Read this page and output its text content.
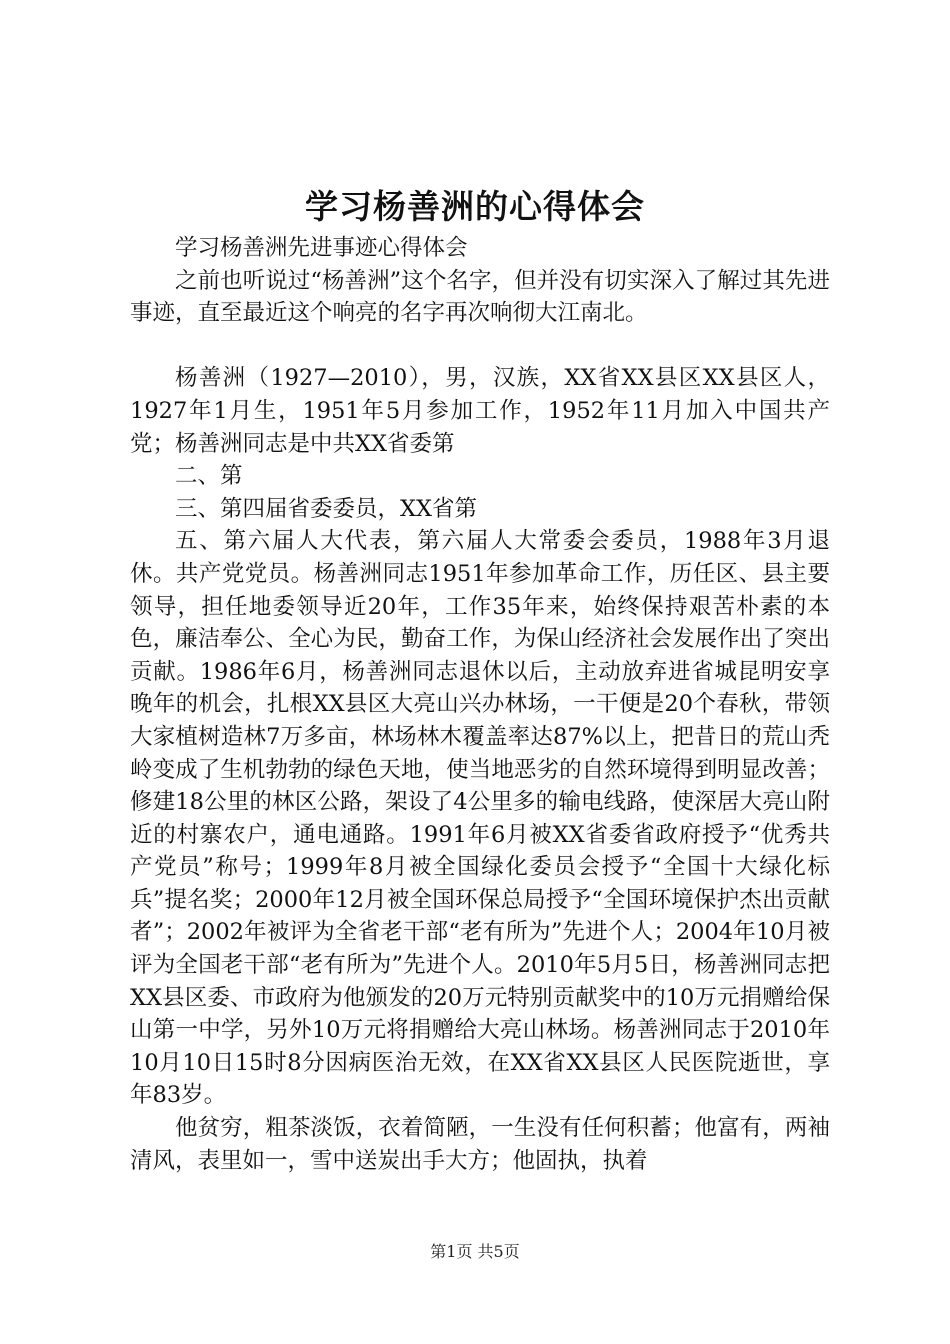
学习杨善洲的心得体会

学习杨善洲先进事迹心得体会

之前也听说过“杨善洲”这个名字，但并没有切实深入了解过其先进事迹，直至最近这个响亮的名字再次响彻大江南北。

杨善洲（1927—2010），男，汉族，XX省XX县区XX县区人，1927年1月生，1951年5月参加工作，1952年11月加入中国共产党；杨善洲同志是中共XX省委第

二、第

三、第四届省委委员，XX省第

五、第六届人大代表，第六届人大常委会委员，1988年3月退休。共产党党员。杨善洲同志1951年参加革命工作，历任区、县主要领导，担任地委领导近20年，工作35年来，始终保持艰苦朴素的本色，廉洁奉公、全心为民，勤奋工作，为保山经济社会发展作出了突出贡献。1986年6月，杨善洲同志退休以后，主动放弃进省城昆明安享晚年的机会，扎根XX县区大亮山兴办林场，一干便是20个春秋，带领大家植树造林7万多亩，林场林木覆盖率达87%以上，把昔日的荒山秃岭变成了生机勃勃的绿色天地，使当地恶劣的自然环境得到明显改善；修建18公里的林区公路，架设了4公里多的输电线路，使深居大亮山附近的村寨农户，通电通路。1991年6月被XX省委省政府授予“优秀共产党员”称号；1999年8月被全国绿化委员会授予“全国十大绿化标兵”提名奖；2000年12月被全国环保总局授予“全国环境保护杰出贡献者”；2002年被评为全省老干部“老有所为”先进个人；2004年10月被评为全国老干部“老有所为”先进个人。2010年5月5日，杨善洲同志把XX县区委、市政府为他颁发的20万元特别贡献奖中的10万元捐赠给保山第一中学，另外10万元将捐赠给大亮山林场。杨善洲同志于2010年10月10日15时8分因病医治无效，在XX省XX县区人民医院逝世，享年83岁。

他贫穷，粗茶淡饭，衣着简陋，一生没有任何积蓄；他富有，两袖清风，表里如一，雪中送炭出手大方；他固执，执着

第1页 共5页
